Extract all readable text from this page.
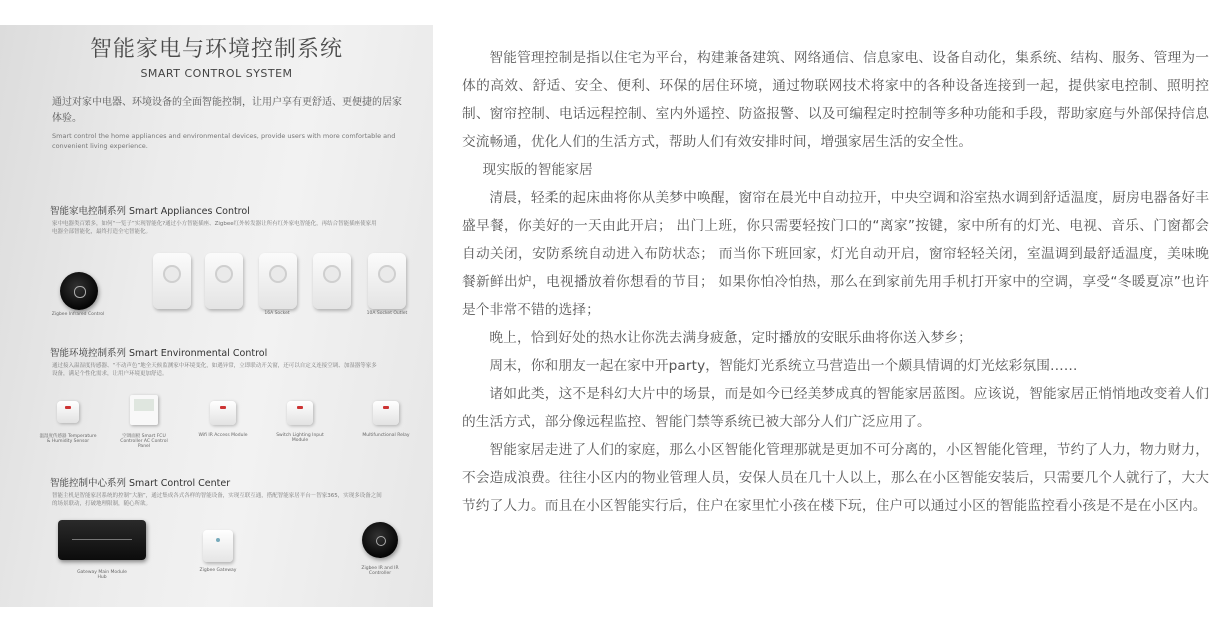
智能家电与环境控制系统
SMART CONTROL SYSTEM
通过对家中电器、环境设备的全面智能控制，让用户享有更舒适、更便捷的居家体验。
Smart control the home appliances and environmental devices, provide users with more comfortable and convenient living experience.
智能家电控制系列 Smart Appliances Control
家中电器类百繁多，如何“一览子”实现智能化?通过小方智能插座、Zigbee红外转发器让所有红外家电智能化，再结合智能插座使家用电器全部智能化，最终打造全宅智能化。
Zigbee Infrared Control	16A Socket	10A Socket Outlet
智能环境控制系列 Smart Environmental Control
通过接入温湿度传感器、“不动声色”地全天候监测家中环境变化，如遇异常，立即联动开关窗，还可以自定义连接空调、加湿器等家多设备，满足个性化需求，让用户环境更加舒适。
温湿度传感器 Temperature & Humidity Sensor
空调面板 Smart FCU Controller AC Control Panel
Wifi IR Access Module	Switch Lighting Input Module
Multifunctional Relay
智能控制中心系列 Smart Control Center
智能主机是智能家居系统的控制“大脑”，通过集成各式各样的智能设备，实现互联互通，搭配智能家居平台－智家365，实现多设备之间的场景联动，打破地理限制，随心所欲。
Gateway Main Module Hub
Zigbee Gateway	Zigbee IR and IR Controller

智能管理控制是指以住宅为平台，构建兼备建筑、网络通信、信息家电、设备自动化，集系统、结构、服务、管理为一体的高效、舒适、安全、便利、环保的居住环境，通过物联网技术将家中的各种设备连接到一起，提供家电控制、照明控制、窗帘控制、电话远程控制、室内外遥控、防盗报警、以及可编程定时控制等多种功能和手段，帮助家庭与外部保持信息交流畅通，优化人们的生活方式，帮助人们有效安排时间，增强家居生活的安全性。

现实版的智能家居

清晨，轻柔的起床曲将你从美梦中唤醒，窗帘在晨光中自动拉开，中央空调和浴室热水调到舒适温度，厨房电器备好丰盛早餐，你美好的一天由此开启； 出门上班，你只需要轻按门口的“离家”按键，家中所有的灯光、电视、音乐、门窗都会自动关闭，安防系统自动进入布防状态； 而当你下班回家，灯光自动开启，窗帘轻轻关闭，室温调到最舒适温度，美味晚餐新鲜出炉，电视播放着你想看的节目； 如果你怕冷怕热，那么在到家前先用手机打开家中的空调，享受“冬暖夏凉”也许是个非常不错的选择；

晚上，恰到好处的热水让你洗去满身疲惫，定时播放的安眠乐曲将你送入梦乡；

周末，你和朋友一起在家中开party，智能灯光系统立马营造出一个颇具情调的灯光炫彩氛围……

诸如此类，这不是科幻大片中的场景，而是如今已经美梦成真的智能家居蓝图。应该说，智能家居正悄悄地改变着人们的生活方式，部分像远程监控、智能门禁等系统已被大部分人们广泛应用了。

智能家居走进了人们的家庭，那么小区智能化管理那就是更加不可分离的，小区智能化管理，节约了人力，物力财力，不会造成浪费。往往小区内的物业管理人员，安保人员在几十人以上，那么在小区智能安装后，只需要几个人就行了，大大节约了人力。而且在小区智能实行后，住户在家里忙小孩在楼下玩，住户可以通过小区的智能监控看小孩是不是在小区内。
